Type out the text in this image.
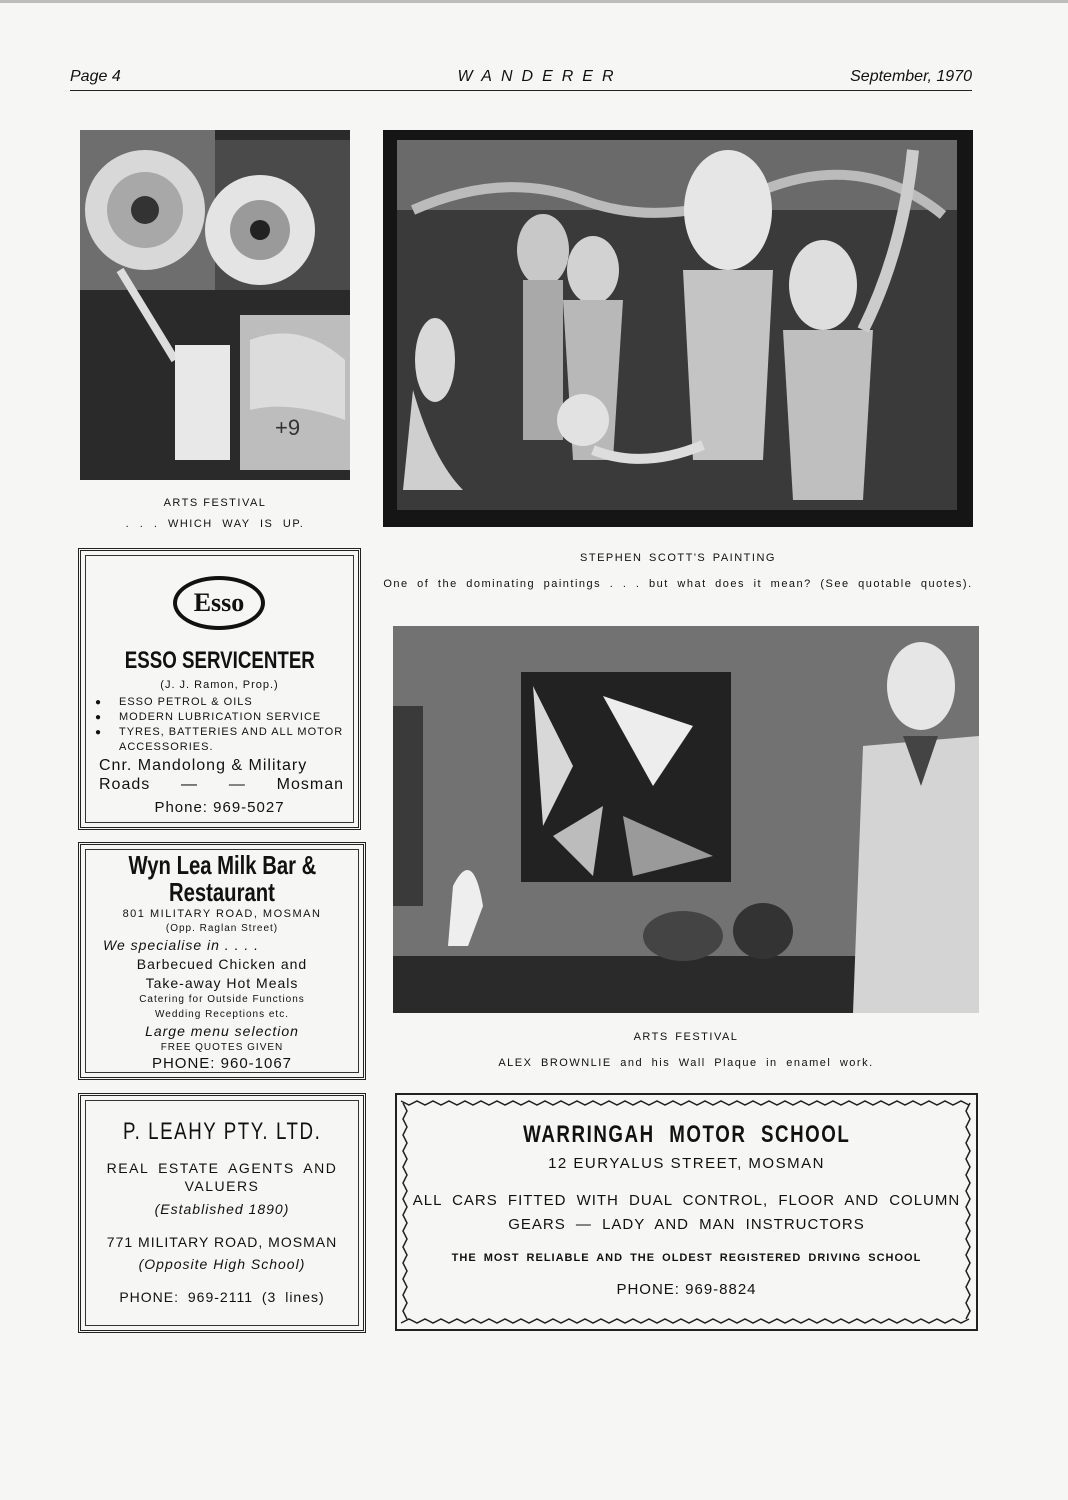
Page 4	WANDERER	September, 1970
+9
ARTS FESTIVAL
. . . WHICH WAY IS UP.
STEPHEN SCOTT'S PAINTING
One of the dominating paintings . . . but what does it mean? (See quotable quotes).
ARTS FESTIVAL
ALEX BROWNLIE and his Wall Plaque in enamel work.
Esso
ESSO SERVICENTER
(J. J. Ramon, Prop.)
● ESSO PETROL & OILS
● MODERN LUBRICATION SERVICE
● TYRES, BATTERIES AND ALL MOTOR ACCESSORIES.
Cnr. Mandolong & Military
Roads — — Mosman
Phone: 969-5027
Wyn Lea Milk Bar &
Restaurant
801 MILITARY ROAD, MOSMAN
(Opp. Raglan Street)
We specialise in . . . .
Barbecued Chicken and
Take-away Hot Meals
Catering for Outside Functions
Wedding Receptions etc.
Large menu selection
FREE QUOTES GIVEN
PHONE: 960-1067
P. LEAHY PTY. LTD.
REAL ESTATE AGENTS AND
VALUERS
(Established 1890)
771 MILITARY ROAD, MOSMAN
(Opposite High School)
PHONE: 969-2111 (3 lines)
WARRINGAH MOTOR SCHOOL
12 EURYALUS STREET, MOSMAN
ALL CARS FITTED WITH DUAL CONTROL, FLOOR AND COLUMN
GEARS — LADY AND MAN INSTRUCTORS
THE MOST RELIABLE AND THE OLDEST REGISTERED DRIVING SCHOOL
PHONE: 969-8824
